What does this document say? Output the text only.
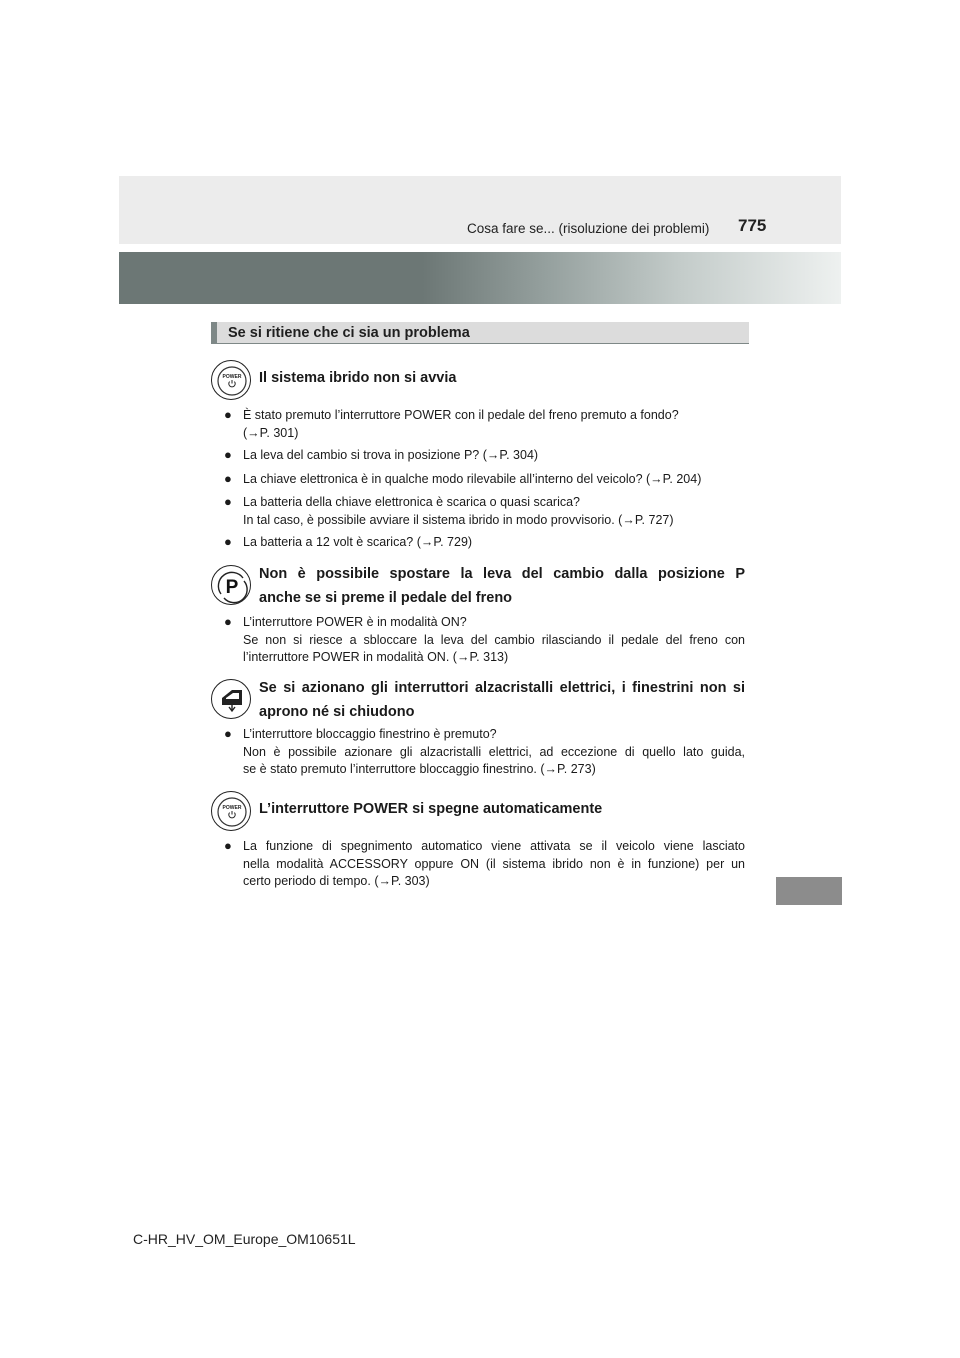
Cosa fare se... (risoluzione dei problemi) 775
Se si ritiene che ci sia un problema
POWER Il sistema ibrido non si avvia
● È stato premuto l’interruttore POWER con il pedale del freno premuto a fondo?
(→P. 301)
● La leva del cambio si trova in posizione P? (→P. 304)
● La chiave elettronica è in qualche modo rilevabile all’interno del veicolo? (→P. 204)
● La batteria della chiave elettronica è scarica o quasi scarica?
In tal caso, è possibile avviare il sistema ibrido in modo provvisorio. (→P. 727)
● La batteria a 12 volt è scarica? (→P. 729)
P
Non è possibile spostare la leva del cambio dalla posizione P
anche se si preme il pedale del freno
● L’interruttore POWER è in modalità ON?
Se non si riesce a sbloccare la leva del cambio rilasciando il pedale del freno con
l’interruttore POWER in modalità ON. (→P. 313)
Se si azionano gli interruttori alzacristalli elettrici, i finestrini non si
aprono né si chiudono
● L’interruttore bloccaggio finestrino è premuto?
Non è possibile azionare gli alzacristalli elettrici, ad eccezione di quello lato guida,
se è stato premuto l’interruttore bloccaggio finestrino. (→P. 273)
POWER L’interruttore POWER si spegne automaticamente
● La funzione di spegnimento automatico viene attivata se il veicolo viene lasciato
nella modalità ACCESSORY oppure ON (il sistema ibrido non è in funzione) per un
certo periodo di tempo. (→P. 303)
C-HR_HV_OM_Europe_OM10651L
